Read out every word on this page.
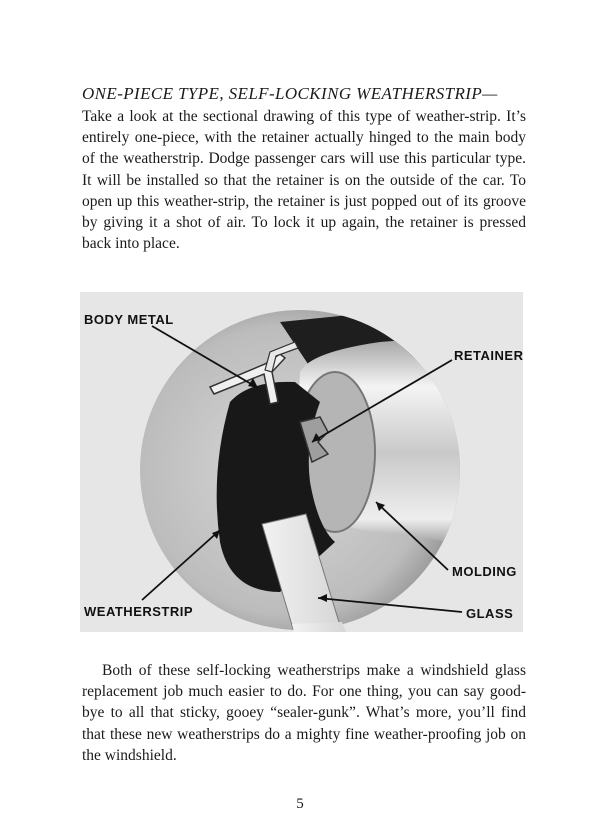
ONE-PIECE TYPE, SELF-LOCKING WEATHERSTRIP—

Take a look at the sectional drawing of this type of weather-strip. It’s entirely one-piece, with the retainer actually hinged to the main body of the weatherstrip. Dodge passenger cars will use this particular type. It will be installed so that the retainer is on the outside of the car. To open up this weather-strip, the retainer is just popped out of its groove by giving it a shot of air. To lock it up again, the retainer is pressed back into place.

BODY METAL
RETAINER
MOLDING
WEATHERSTRIP	GLASS

Both of these self-locking weatherstrips make a windshield glass replacement job much easier to do. For one thing, you can say good-bye to all that sticky, gooey “sealer-gunk”. What’s more, you’ll find that these new weatherstrips do a mighty fine weather-proofing job on the windshield.

5
